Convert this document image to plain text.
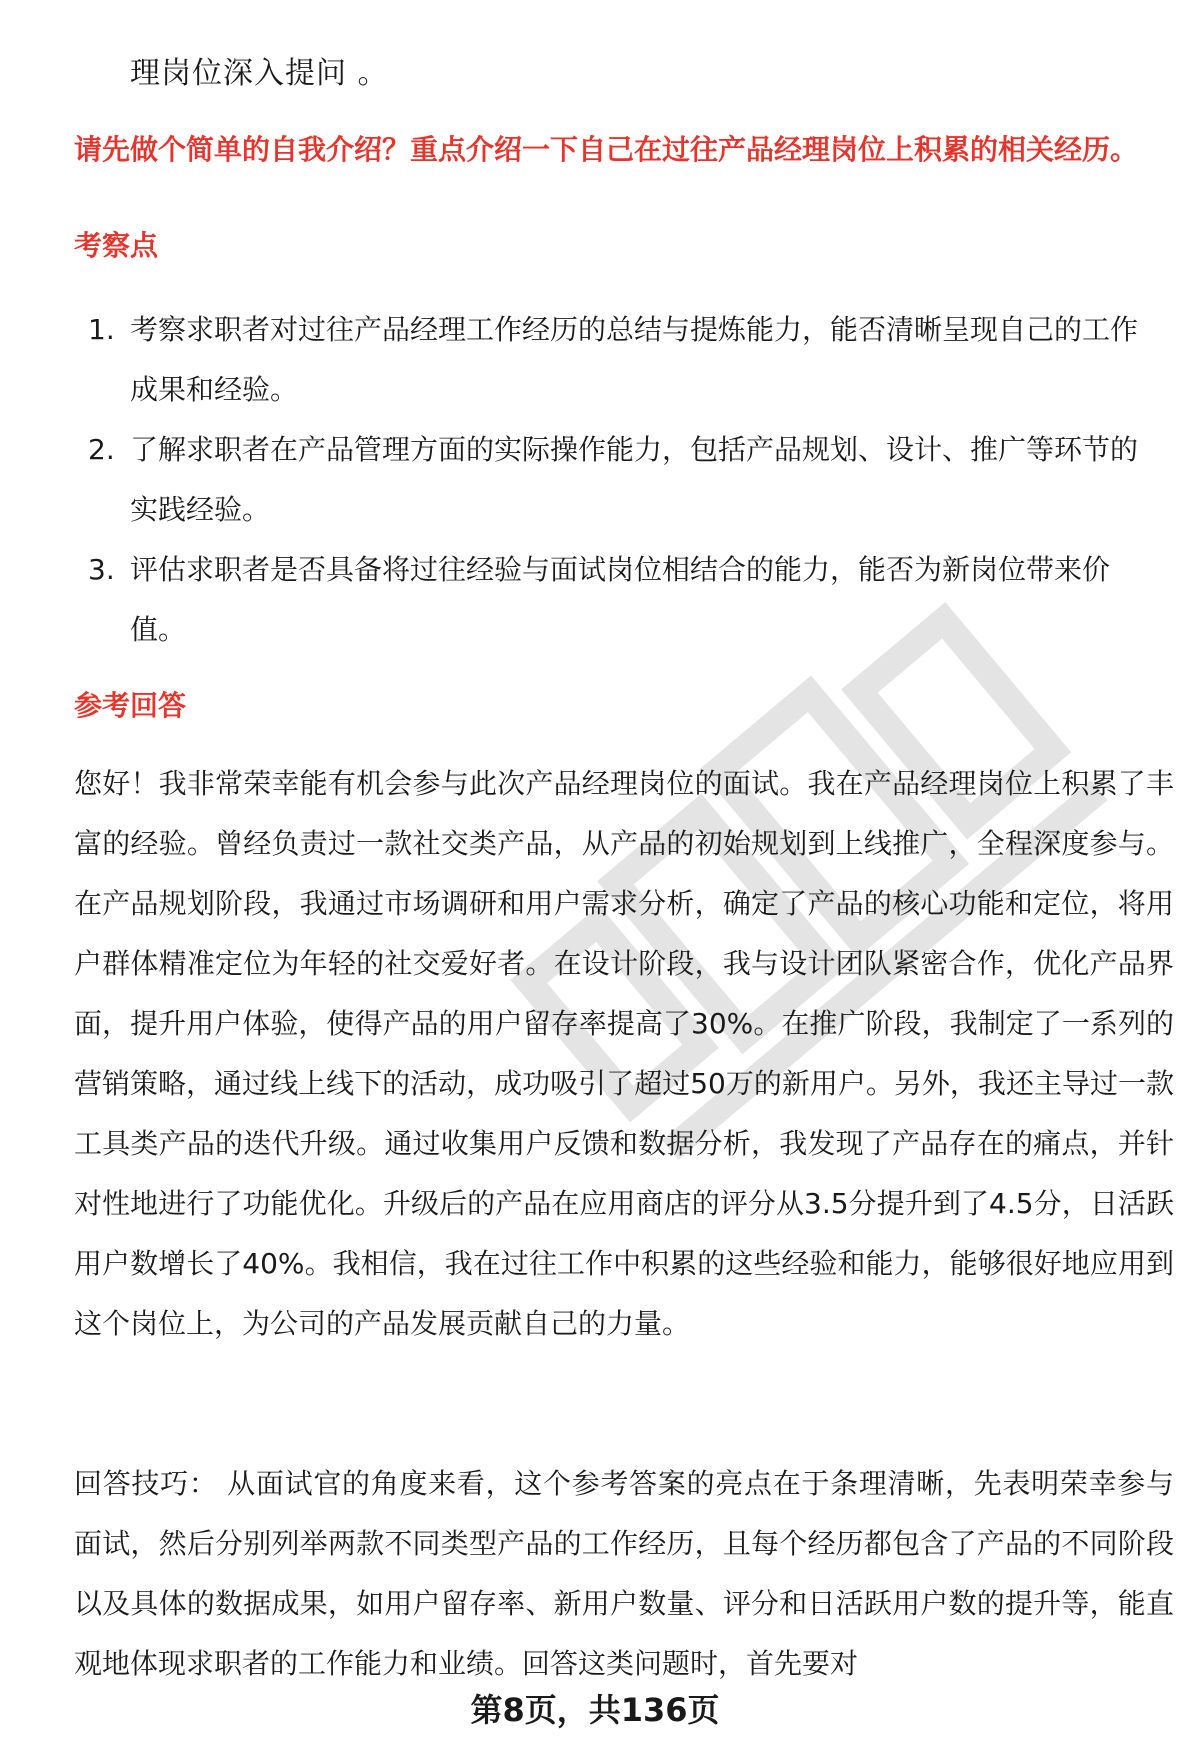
理岗位深入提问 。
请先做个简单的自我介绍？重点介绍一下自己在过往产品经理岗位上积累的相关经历。
考察点
1. 考察求职者对过往产品经理工作经历的总结与提炼能力，能否清晰呈现自己的工作成果和经验。
2. 了解求职者在产品管理方面的实际操作能力，包括产品规划、设计、推广等环节的实践经验。
3. 评估求职者是否具备将过往经验与面试岗位相结合的能力，能否为新岗位带来价值。
参考回答
您好！我非常荣幸能有机会参与此次产品经理岗位的面试。我在产品经理岗位上积累了丰富的经验。曾经负责过一款社交类产品，从产品的初始规划到上线推广，全程深度参与。在产品规划阶段，我通过市场调研和用户需求分析，确定了产品的核心功能和定位，将用户群体精准定位为年轻的社交爱好者。在设计阶段，我与设计团队紧密合作，优化产品界面，提升用户体验，使得产品的用户留存率提高了30%。在推广阶段，我制定了一系列的营销策略，通过线上线下的活动，成功吸引了超过50万的新用户。另外，我还主导过一款工具类产品的迭代升级。通过收集用户反馈和数据分析，我发现了产品存在的痛点，并针对性地进行了功能优化。升级后的产品在应用商店的评分从3.5分提升到了4.5分，日活跃用户数增长了40%。我相信，我在过往工作中积累的这些经验和能力，能够很好地应用到这个岗位上，为公司的产品发展贡献自己的力量。
回答技巧： 从面试官的角度来看，这个参考答案的亮点在于条理清晰，先表明荣幸参与面试，然后分别列举两款不同类型产品的工作经历，且每个经历都包含了产品的不同阶段以及具体的数据成果，如用户留存率、新用户数量、评分和日活跃用户数的提升等，能直观地体现求职者的工作能力和业绩。回答这类问题时，首先要对
第8页，共136页
